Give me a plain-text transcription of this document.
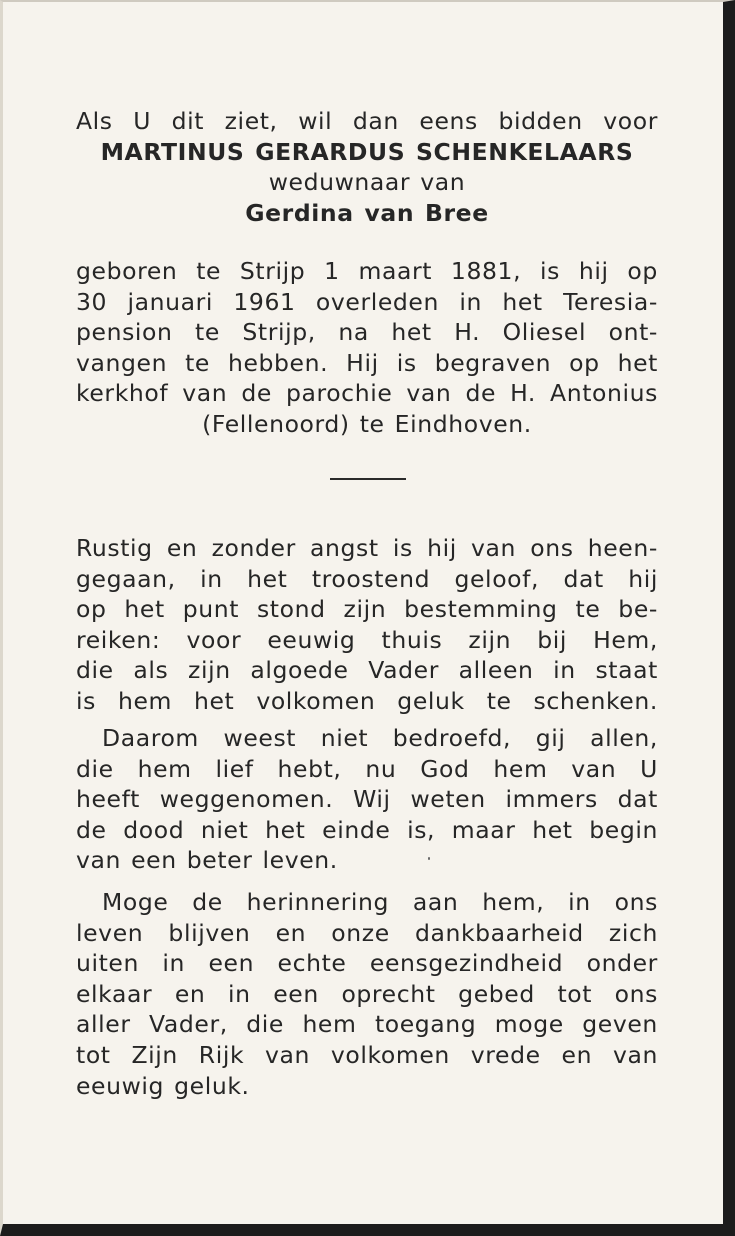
Als U dit ziet, wil dan eens bidden voor
MARTINUS GERARDUS SCHENKELAARS
weduwnaar van
Gerdina van Bree
geboren te Strijp 1 maart 1881, is hij op
30 januari 1961 overleden in het Teresia-
pension te Strijp, na het H. Oliesel ont-
vangen te hebben. Hij is begraven op het
kerkhof van de parochie van de H. Antonius
(Fellenoord) te Eindhoven.
Rustig en zonder angst is hij van ons heen-
gegaan, in het troostend geloof, dat hij
op het punt stond zijn bestemming te be-
reiken: voor eeuwig thuis zijn bij Hem,
die als zijn algoede Vader alleen in staat
is hem het volkomen geluk te schenken.
Daarom weest niet bedroefd, gij allen,
die hem lief hebt, nu God hem van U
heeft weggenomen. Wij weten immers dat
de dood niet het einde is, maar het begin
van een beter leven.
Moge de herinnering aan hem, in ons
leven blijven en onze dankbaarheid zich
uiten in een echte eensgezindheid onder
elkaar en in een oprecht gebed tot ons
aller Vader, die hem toegang moge geven
tot Zijn Rijk van volkomen vrede en van
eeuwig geluk.
